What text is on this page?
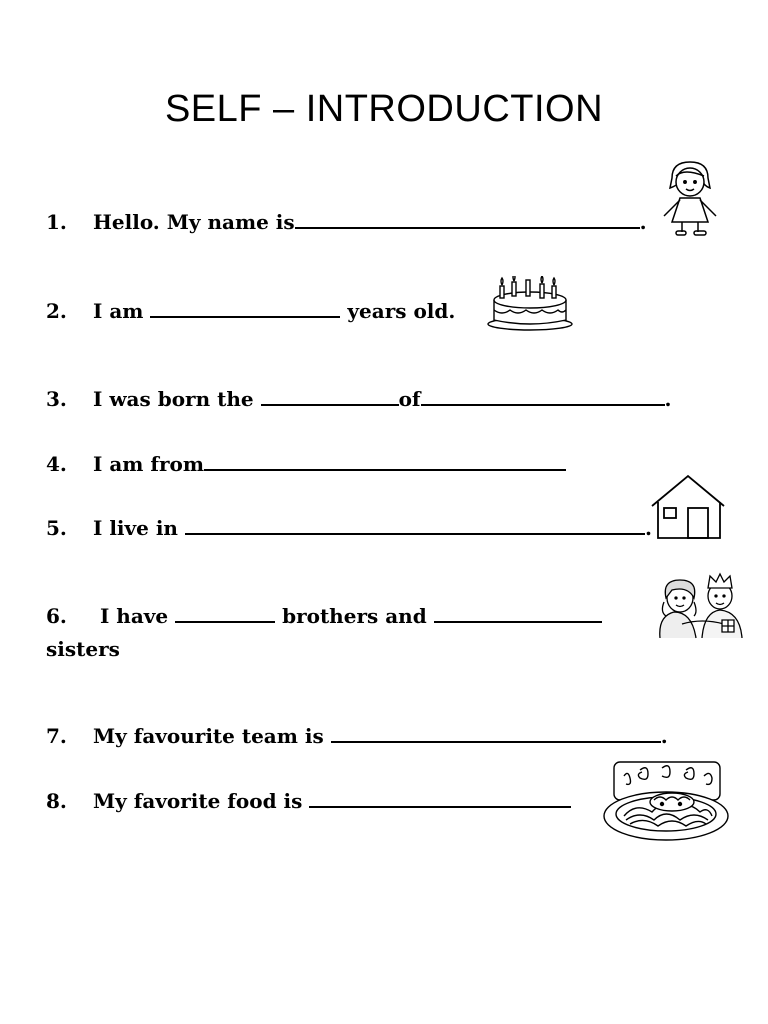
SELF – INTRODUCTION
1. Hello. My name is	.
2. I am	years old.
3. I was born the	of	.
4. I am from
5. I live in	.
6. I have	brothers and
sisters
7. My favourite team is	.
8. My favorite food is
